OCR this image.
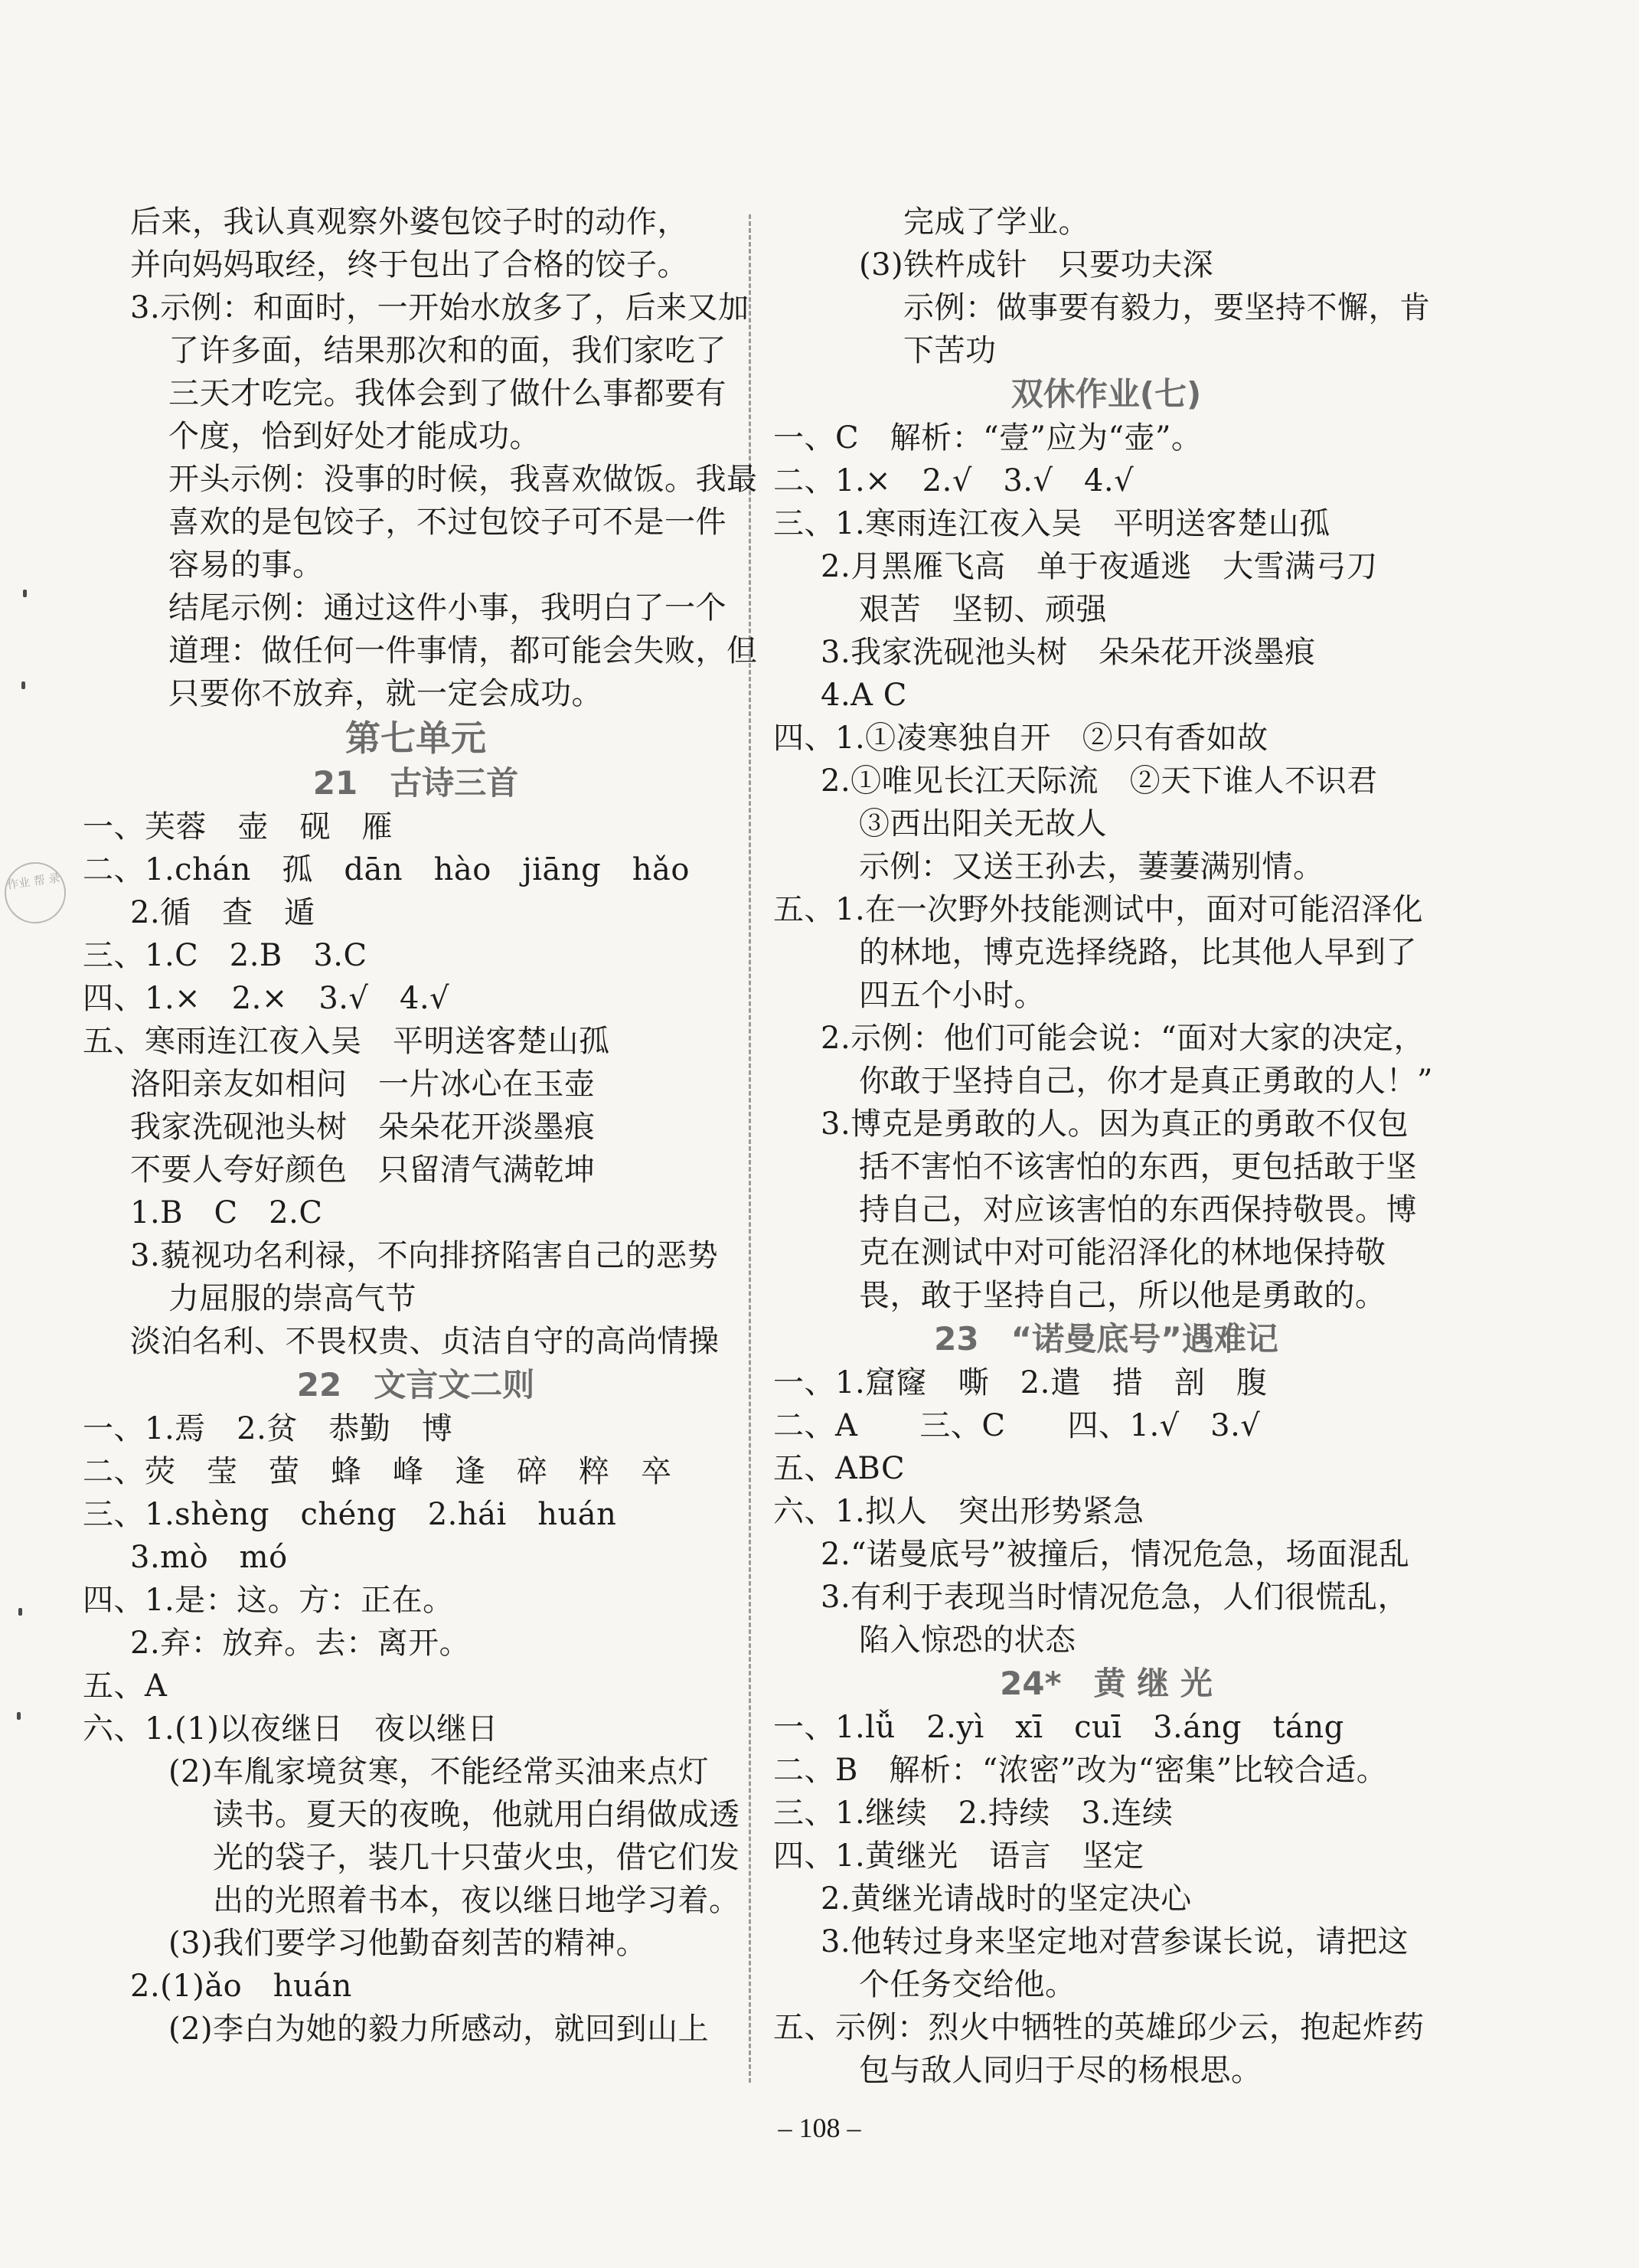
作业 帮 录
后来，我认真观察外婆包饺子时的动作，
并向妈妈取经，终于包出了合格的饺子。
3.示例：和面时，一开始水放多了，后来又加
了许多面，结果那次和的面，我们家吃了
三天才吃完。我体会到了做什么事都要有
个度，恰到好处才能成功。
开头示例：没事的时候，我喜欢做饭。我最
喜欢的是包饺子，不过包饺子可不是一件
容易的事。
结尾示例：通过这件小事，我明白了一个
道理：做任何一件事情，都可能会失败，但
只要你不放弃，就一定会成功。
第七单元
21　古诗三首
一、芙蓉　壶　砚　雁
二、1.chán　孤　dān　hào　jiāng　hǎo
2.循　查　遁
三、1.C　2.B　3.C
四、1.×　2.×　3.√　4.√
五、寒雨连江夜入吴　平明送客楚山孤
洛阳亲友如相问　一片冰心在玉壶
我家洗砚池头树　朵朵花开淡墨痕
不要人夸好颜色　只留清气满乾坤
1.B　C　2.C
3.藐视功名利禄，不向排挤陷害自己的恶势
力屈服的崇高气节
淡泊名利、不畏权贵、贞洁自守的高尚情操
22　文言文二则
一、1.焉　2.贫　恭勤　博
二、荧　莹　萤　蜂　峰　逢　碎　粹　卒
三、1.shèng　chéng　2.hái　huán
3.mò　mó
四、1.是：这。方：正在。
2.弃：放弃。去：离开。
五、A
六、1.(1)以夜继日　夜以继日
(2)车胤家境贫寒，不能经常买油来点灯
读书。夏天的夜晚，他就用白绢做成透
光的袋子，装几十只萤火虫，借它们发
出的光照着书本，夜以继日地学习着。
(3)我们要学习他勤奋刻苦的精神。
2.(1)ǎo　huán
(2)李白为她的毅力所感动，就回到山上
完成了学业。
(3)铁杵成针　只要功夫深
示例：做事要有毅力，要坚持不懈，肯
下苦功
双休作业(七)
一、C　解析：“壹”应为“壶”。
二、1.×　2.√　3.√　4.√
三、1.寒雨连江夜入吴　平明送客楚山孤
2.月黑雁飞高　单于夜遁逃　大雪满弓刀
艰苦　坚韧、顽强
3.我家洗砚池头树　朵朵花开淡墨痕
4.A C
四、1.①凌寒独自开　②只有香如故
2.①唯见长江天际流　②天下谁人不识君
③西出阳关无故人
示例：又送王孙去，萋萋满别情。
五、1.在一次野外技能测试中，面对可能沼泽化
的林地，博克选择绕路，比其他人早到了
四五个小时。
2.示例：他们可能会说：“面对大家的决定，
你敢于坚持自己，你才是真正勇敢的人！”
3.博克是勇敢的人。因为真正的勇敢不仅包
括不害怕不该害怕的东西，更包括敢于坚
持自己，对应该害怕的东西保持敬畏。博
克在测试中对可能沼泽化的林地保持敬
畏，敢于坚持自己，所以他是勇敢的。
23　“诺曼底号”遇难记
一、1.窟窿　嘶　2.遣　措　剖　腹
二、A　　三、C　　四、1.√　3.√
五、ABC
六、1.拟人　突出形势紧急
2.“诺曼底号”被撞后，情况危急，场面混乱
3.有利于表现当时情况危急，人们很慌乱，
陷入惊恐的状态
24*　黄 继 光
一、1.lǚ　2.yì　xī　cuī　3.áng　táng
二、B　解析：“浓密”改为“密集”比较合适。
三、1.继续　2.持续　3.连续
四、1.黄继光　语言　坚定
2.黄继光请战时的坚定决心
3.他转过身来坚定地对营参谋长说，请把这
个任务交给他。
五、示例：烈火中牺牲的英雄邱少云，抱起炸药
包与敌人同归于尽的杨根思。
– 108 –
